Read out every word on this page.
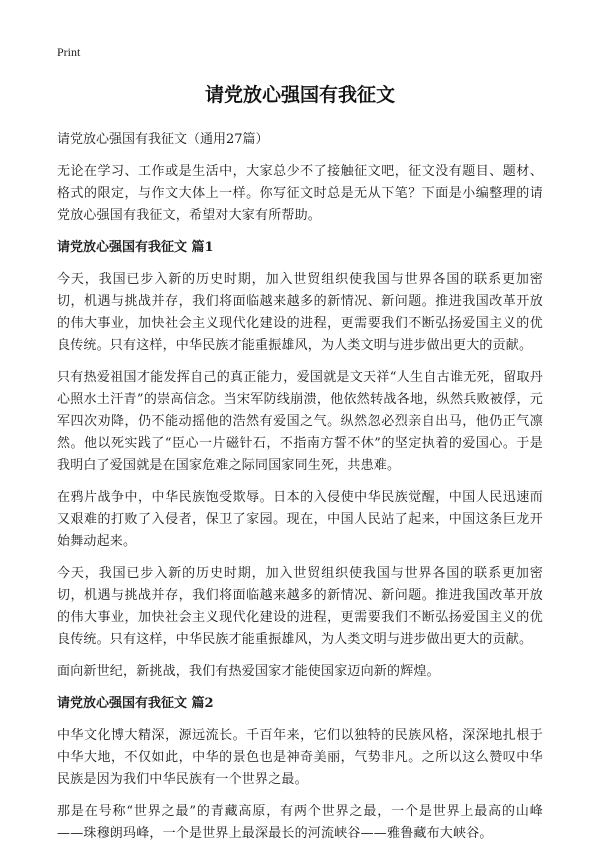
Print
请党放心强国有我征文
请党放心强国有我征文（通用27篇）

无论在学习、工作或是生活中，大家总少不了接触征文吧，征文没有题目、题材、格式的限定，与作文大体上一样。你写征文时总是无从下笔？下面是小编整理的请党放心强国有我征文，希望对大家有所帮助。

请党放心强国有我征文 篇1

今天，我国已步入新的历史时期，加入世贸组织使我国与世界各国的联系更加密切，机遇与挑战并存，我们将面临越来越多的新情况、新问题。推进我国改革开放的伟大事业，加快社会主义现代化建设的进程，更需要我们不断弘扬爱国主义的优良传统。只有这样，中华民族才能重振雄风，为人类文明与进步做出更大的贡献。

只有热爱祖国才能发挥自己的真正能力，爱国就是文天祥“人生自古谁无死，留取丹心照水土汗青”的崇高信念。当宋军防线崩溃，他依然转战各地，纵然兵败被俘，元军四次劝降，仍不能动摇他的浩然有爱国之气。纵然忽必烈亲自出马，他仍正气凛然。他以死实践了“臣心一片磁针石，不指南方誓不休”的坚定执着的爱国心。于是我明白了爱国就是在国家危难之际同国家同生死，共患难。

在鸦片战争中，中华民族饱受欺辱。日本的入侵使中华民族觉醒，中国人民迅速而又艰难的打败了入侵者，保卫了家园。现在，中国人民站了起来，中国这条巨龙开始舞动起来。

今天，我国已步入新的历史时期，加入世贸组织使我国与世界各国的联系更加密切，机遇与挑战并存，我们将面临越来越多的新情况、新问题。推进我国改革开放的伟大事业，加快社会主义现代化建设的进程，更需要我们不断弘扬爱国主义的优良传统。只有这样，中华民族才能重振雄风，为人类文明与进步做出更大的贡献。

面向新世纪，新挑战，我们有热爱国家才能使国家迈向新的辉煌。

请党放心强国有我征文 篇2

中华文化博大精深，源远流长。千百年来，它们以独特的民族风格，深深地扎根于中华大地，不仅如此，中华的景色也是神奇美丽，气势非凡。之所以这么赞叹中华民族是因为我们中华民族有一个世界之最。

那是在号称“世界之最”的青藏高原，有两个世界之最，一个是世界上最高的山峰——珠穆朗玛峰，一个是世界上最深最长的河流峡谷——雅鲁藏布大峡谷。
